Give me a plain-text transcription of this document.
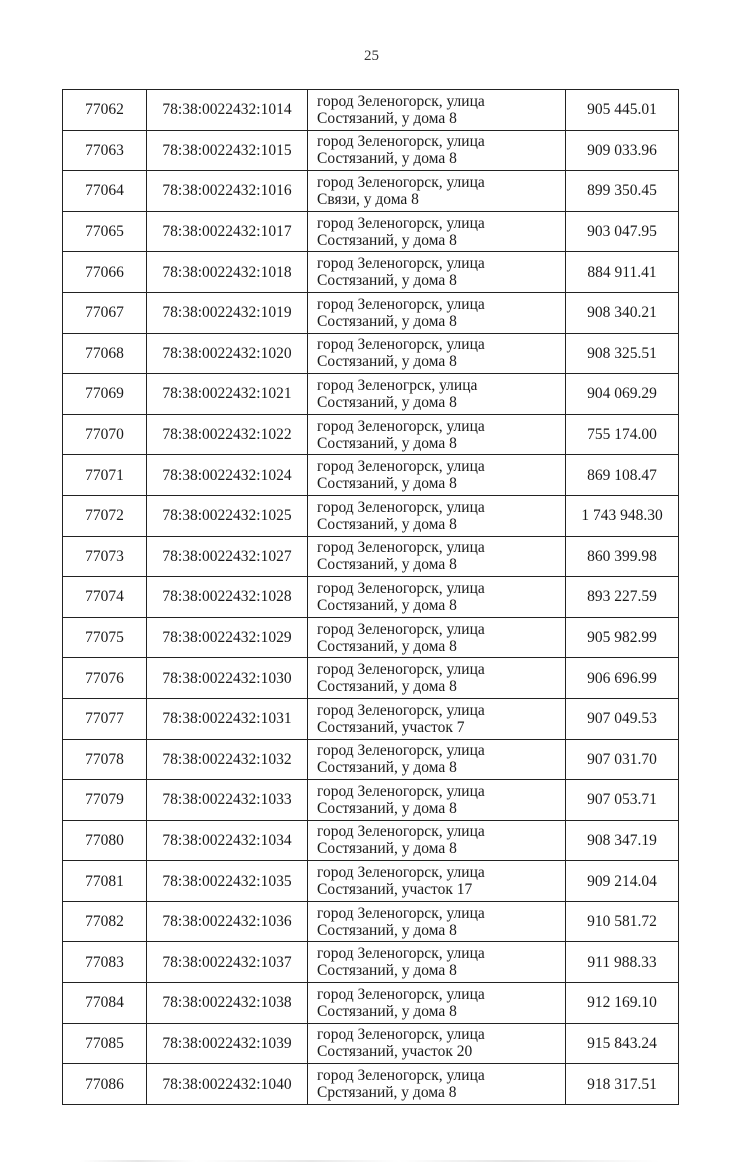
25
77062	78:38:0022432:1014	город Зеленогорск, улица
Состязаний, у дома 8	905 445.01
77063	78:38:0022432:1015	город Зеленогорск, улица
Состязаний, у дома 8	909 033.96
77064	78:38:0022432:1016	город Зеленогорск, улица
Связи, у дома 8	899 350.45
77065	78:38:0022432:1017	город Зеленогорск, улица
Состязаний, у дома 8	903 047.95
77066	78:38:0022432:1018	город Зеленогорск, улица
Состязаний, у дома 8	884 911.41
77067	78:38:0022432:1019	город Зеленогорск, улица
Состязаний, у дома 8	908 340.21
77068	78:38:0022432:1020	город Зеленогорск, улица
Состязаний, у дома 8	908 325.51
77069	78:38:0022432:1021	город Зеленогрск, улица
Состязаний, у дома 8	904 069.29
77070	78:38:0022432:1022	город Зеленогорск, улица
Состязаний, у дома 8	755 174.00
77071	78:38:0022432:1024	город Зеленогорск, улица
Состязаний, у дома 8	869 108.47
77072	78:38:0022432:1025	город Зеленогорск, улица
Состязаний, у дома 8	1 743 948.30
77073	78:38:0022432:1027	город Зеленогорск, улица
Состязаний, у дома 8	860 399.98
77074	78:38:0022432:1028	город Зеленогорск, улица
Состязаний, у дома 8	893 227.59
77075	78:38:0022432:1029	город Зеленогорск, улица
Состязаний, у дома 8	905 982.99
77076	78:38:0022432:1030	город Зеленогорск, улица
Состязаний, у дома 8	906 696.99
77077	78:38:0022432:1031	город Зеленогорск, улица
Состязаний, участок 7	907 049.53
77078	78:38:0022432:1032	город Зеленогорск, улица
Состязаний, у дома 8	907 031.70
77079	78:38:0022432:1033	город Зеленогорск, улица
Состязаний, у дома 8	907 053.71
77080	78:38:0022432:1034	город Зеленогорск, улица
Состязаний, у дома 8	908 347.19
77081	78:38:0022432:1035	город Зеленогорск, улица
Состязаний, участок 17	909 214.04
77082	78:38:0022432:1036	город Зеленогорск, улица
Состязаний, у дома 8	910 581.72
77083	78:38:0022432:1037	город Зеленогорск, улица
Состязаний, у дома 8	911 988.33
77084	78:38:0022432:1038	город Зеленогорск, улица
Состязаний, у дома 8	912 169.10
77085	78:38:0022432:1039	город Зеленогорск, улица
Состязаний, участок 20	915 843.24
77086	78:38:0022432:1040	город Зеленогорск, улица
Срстязаний, у дома 8	918 317.51
